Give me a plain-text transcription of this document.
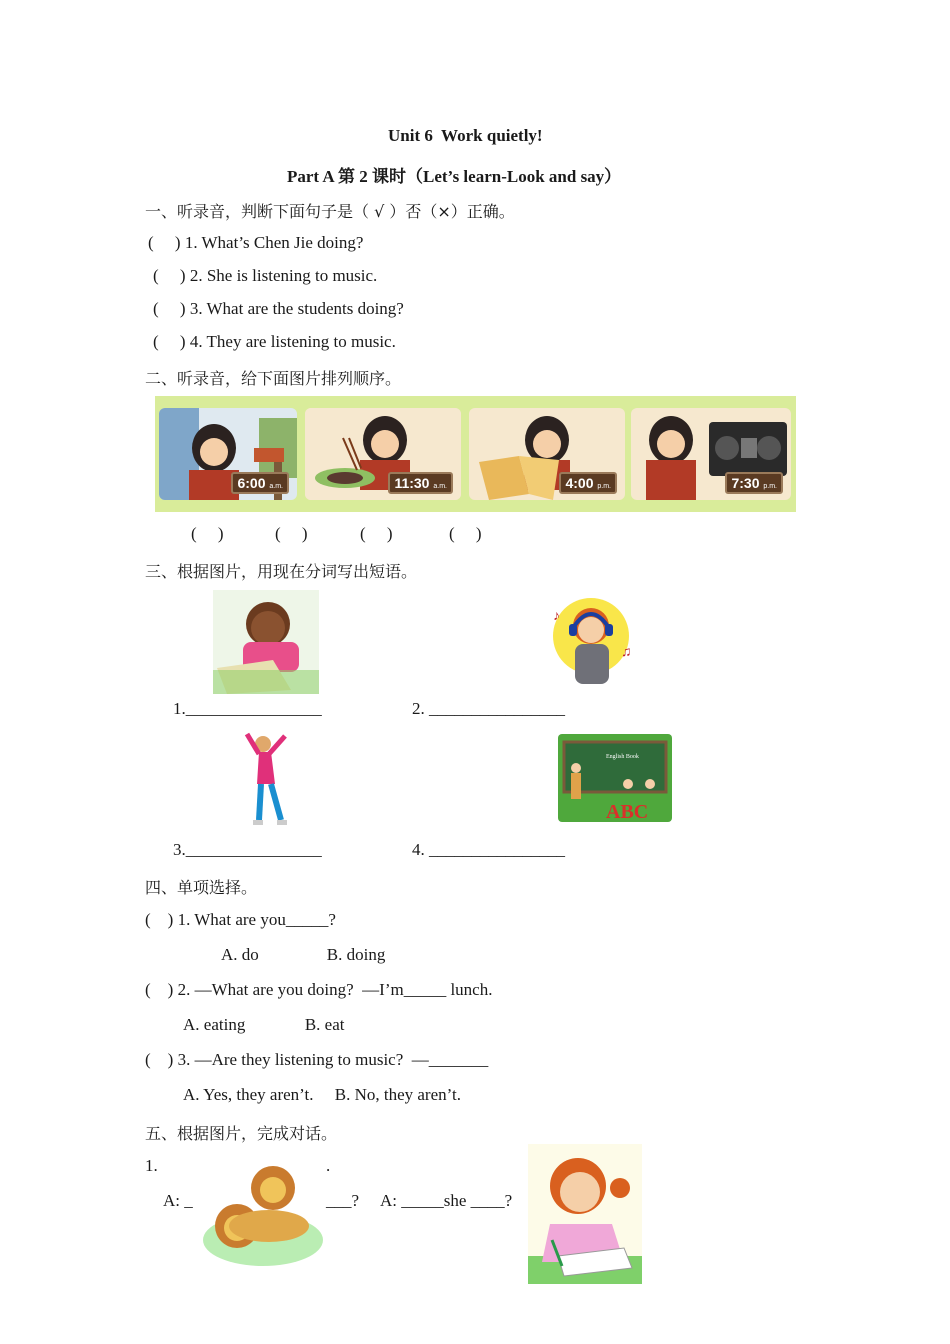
Unit 6  Work quietly!
Part A 第 2 课时（Let’s learn-Look and say）
一、听录音，判断下面句子是（ √ ）否（×）正确。
(     ) 1. What’s Chen Jie doing?
(     ) 2. She is listening to music.
(     ) 3. What are the students doing?
(     ) 4. They are listening to music.
二、听录音，给下面图片排列顺序。
6:00 a.m.	11:30 a.m.	4:00 p.m.	7:30 p.m.
(     )	(     )	(     )	(     )
三、根据图片，用现在分词写出短语。
♪
♫
1.________________	2. ________________
English Book
ABC
3.________________	4. ________________
四、单项选择。
(    ) 1. What are you_____?
A. do                B. doing
(    ) 2. —What are you doing?  —I’m_____ lunch.
A. eating              B. eat
(    ) 3. —Are they listening to music?  —_______
A. Yes, they aren’t.     B. No, they aren’t.
五、根据图片，完成对话。
1.	.
A: _	___? A: _____she ____?
